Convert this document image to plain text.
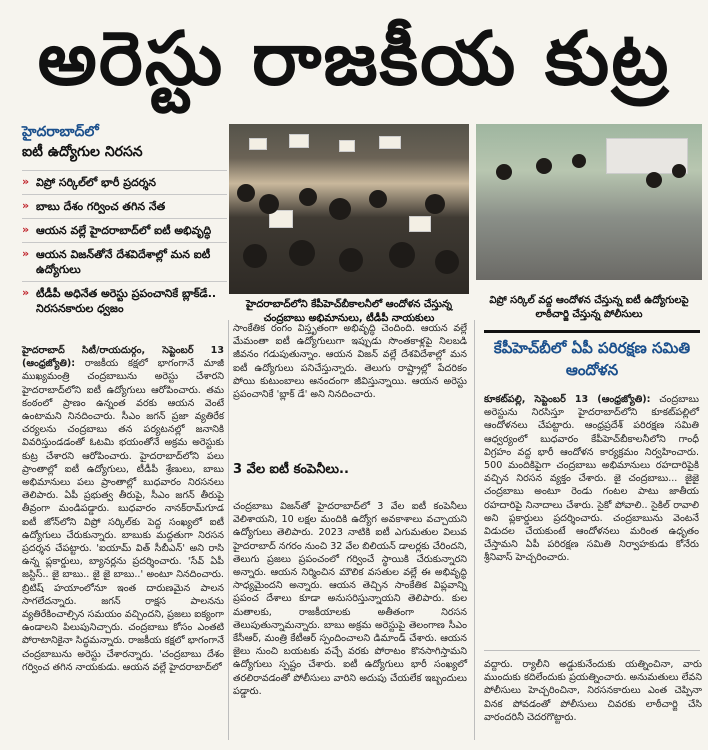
అరెస్టు రాజకీయ కుట్ర
హైదరాబాద్‌లో
ఐటీ ఉద్యోగుల నిరసన
» విప్రో సర్కిల్‌లో భారీ ప్రదర్శన
» బాబు దేశం గర్వించ తగిన నేత
» ఆయన వల్లే హైదరాబాద్‌లో ఐటీ అభివృద్ధి
» ఆయన విజన్‌తోనే దేశవిదేశాల్లో మన ఐటీ ఉద్యోగులు
» టీడీపీ అధినేత అరెస్టు ప్రపంచానికే బ్లాక్‌డే.. నిరసనకారుల ధ్వజం	హైదరాబాద్‌లోని కేపీహెచ్‌బీకాలనీలో ఆందోళన చేస్తున్న చంద్రబాబు అభిమానులు, టీడీపీ నాయకులు
విప్రో సర్కిల్ వద్ద ఆందోళన చేస్తున్న ఐటీ ఉద్యోగులపై లాఠీచార్జి చేస్తున్న పోలీసులు
హైదరాబాద్ సిటీ/రాయదుర్గం, సెప్టెంబర్ 13 (ఆంధ్రజ్యోతి): రాజకీయ కక్షలో భాగంగానే మాజీ ముఖ్యమంత్రి చంద్రబాబును అరెస్టు చేశారని హైదరాబాద్‌లోని ఐటీ ఉద్యోగులు ఆరోపించారు. తమ కంఠంలో ప్రాణం ఉన్నంత వరకు ఆయన వెంటే ఉంటామని నినదించారు. సీఎం జగన్ ప్రజా వ్యతిరేక చర్యలను చంద్రబాబు తన పర్యటనల్లో జనానికి వివరిస్తుండడంతో ఓటమి భయంతోనే అక్రమ అరెస్టుకు కుట్ర చేశారని ఆరోపించారు. హైదరాబాద్‌లోని పలు ప్రాంతాల్లో ఐటీ ఉద్యోగులు, టీడీపీ శ్రేణులు, బాబు అభిమానులు పలు ప్రాంతాల్లో బుధవారం నిరసనలు తెలిపారు. ఏపీ ప్రభుత్వ తీరుపై, సీఎం జగన్ తీరుపై తీవ్రంగా మండిపడ్డారు. బుధవారం నానక్‌రామ్‌గూడ ఐటీ జోన్‌లోని విప్రో సర్కిల్‌కు పెద్ద సంఖ్యలో ఐటీ ఉద్యోగులు చేరుకున్నారు. బాబుకు మద్దతుగా నిరసన ప్రదర్శన చేపట్టారు. 'ఐయామ్ విత్ సీబీఎన్' అని రాసి ఉన్న ప్లకార్డులు, బ్యానర్లను ప్రదర్శించారు. 'సేవ్ ఏపీ జస్టిస్.. జై బాబు.. జై జై బాబు..' అంటూ నినదించారు. బ్రిటిష్ హయాంలోనూ ఇంత దారుణమైన పాలన సాగలేదన్నారు. జగన్ రాక్షస పాలనను వ్యతిరేకించాల్సిన సమయం వచ్చిందని, ప్రజలు ఐక్యంగా ఉండాలని పిలుపునిచ్చారు. చంద్రబాబు కోసం ఎంతటి పోరాటానికైనా సిద్ధమన్నారు. రాజకీయ కక్షలో భాగంగానే చంద్రబాబును అరెస్టు చేశారన్నారు. 'చంద్రబాబు దేశం గర్వించ తగిన నాయకుడు. ఆయన వల్లే హైదరాబాద్‌లో
సాంకేతిక రంగం విస్తృతంగా అభివృద్ధి చెందింది. ఆయన వల్లే మేమంతా ఐటీ ఉద్యోగులుగా ఇప్పుడు సొంతకాళ్లపై నిలబడి జీవనం గడుపుతున్నాం. ఆయన విజన్ వల్లే దేశవిదేశాల్లో మన ఐటీ ఉద్యోగులు పనిచేస్తున్నారు. తెలుగు రాష్ట్రాల్లో పేదరికం పోయి కుటుంబాలు ఆనందంగా జీవిస్తున్నాయి. ఆయన అరెస్టు ప్రపంచానికే 'బ్లాక్ డే' అని నినదించారు.
3 వేల ఐటీ కంపెనీలు..
చంద్రబాబు విజన్‌తో హైదరాబాద్‌లో 3 వేల ఐటీ కంపెనీలు వెలిశాయని, 10 లక్షల మందికి ఉద్యోగ అవకాశాలు వచ్చాయని ఉద్యోగులు తెలిపారు. 2023 నాటికి ఐటీ ఎగుమతుల విలువ హైదరాబాద్ నగరం నుంచి 32 వేల బిలియన్ డాలర్లకు చేరిందని, తెలుగు ప్రజలు ప్రపంచంలో గర్వించే స్థాయికి చేరుకున్నారని అన్నారు. ఆయన నిర్మించిన మౌలిక వసతుల వల్లే ఈ అభివృద్ధి సాధ్యమైందని అన్నారు. ఆయన తెచ్చిన సాంకేతిక విప్లవాన్ని ప్రపంచ దేశాలు కూడా అనుసరిస్తున్నాయని తెలిపారు. కుల మతాలకు, రాజకీయాలకు అతీతంగా నిరసన తెలుపుతున్నామన్నారు. బాబు అక్రమ అరెస్టుపై తెలంగాణ సీఎం కేసీఆర్, మంత్రి కేటీఆర్ స్పందించాలని డిమాండ్ చేశారు. ఆయన జైలు నుంచి బయటకు వచ్చే వరకు పోరాటం కొనసాగిస్తామని ఉద్యోగులు స్పష్టం చేశారు. ఐటీ ఉద్యోగులు భారీ సంఖ్యలో తరలిరావడంతో పోలీసులు వారిని అదుపు చేయలేక ఇబ్బందులు పడ్డారు.
కేపీహెచ్‌బీలో ఏపీ పరిరక్షణ సమితి ఆందోళన
కూకట్‌పల్లి, సెప్టెంబర్ 13 (ఆంధ్రజ్యోతి): చంద్రబాబు అరెస్టును నిరసిస్తూ హైదరాబాద్‌లోని కూకట్‌పల్లిలో ఆందోళనలు చేపట్టారు. ఆంధ్రప్రదేశ్ పరిరక్షణ సమితి ఆధ్వర్యంలో బుధవారం కేపీహెచ్‌బీకాలనీలోని గాంధీ విగ్రహం వద్ద భారీ ఆందోళన కార్యక్రమం నిర్వహించారు. 500 మందికిపైగా చంద్రబాబు అభిమానులు రహదారిపైకి వచ్చిన నిరసన వ్యక్తం చేశారు. జై చంద్రబాబు... జైజై చంద్రబాబు అంటూ రెండు గంటల పాటు జాతీయ రహదారిపై నినాదాలు చేశారు. సైకో పోవాలి.. సైకిల్ రావాలి అని ప్లకార్డులు ప్రదర్శించారు. చంద్రబాబును వెంటనే విడుదల చేయకుంటే ఆందోళనలు మరింత ఉధృతం చేస్తామని ఏపీ పరిరక్షణ సమితి నిర్వాహకుడు కోనేరు శ్రీనివాస్ హెచ్చరించారు.
వద్దారు. ర్యాలీని అడ్డుకునేందుకు యత్నించినా, వారు ముందుకు కదిలేందుకు ప్రయత్నించారు. అనుమతులు లేవని పోలీసులు హెచ్చరించినా, నిరసనకారులు ఎంత చెప్పినా వినక పోవడంతో పోలీసులు చివరకు లాఠీచార్జి చేసి వారందరినీ చెదరగొట్టారు.
